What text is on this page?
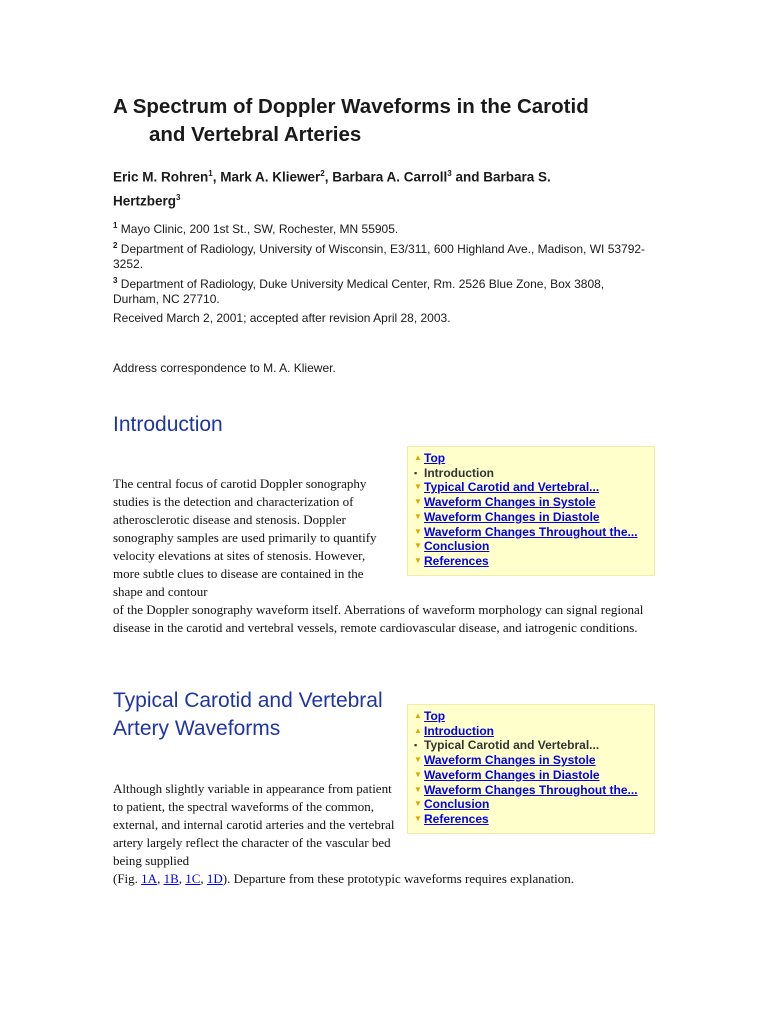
A Spectrum of Doppler Waveforms in the Carotid
and Vertebral Arteries
Eric M. Rohren$^1$, Mark A. Kliewer$^2$, Barbara A. Carroll$^3$ and Barbara S.
Hertzberg$^3$
$^1$ Mayo Clinic, 200 1st St., SW, Rochester, MN 55905.
$^2$ Department of Radiology, University of Wisconsin, E3/311, 600 Highland Ave., Madison, WI 53792-3252.
$^3$ Department of Radiology, Duke University Medical Center, Rm. 2526 Blue Zone, Box 3808, Durham, NC 27710.
Received March 2, 2001; accepted after revision April 28, 2003.
Address correspondence to M. A. Kliewer.
Introduction
▲ Top
▪ Introduction
▼ Typical Carotid and Vertebral...
▼ Waveform Changes in Systole
▼ Waveform Changes in Diastole
▼ Waveform Changes Throughout the...
▼ Conclusion
▼ References
The central focus of carotid Doppler sonography studies is the detection and characterization of atherosclerotic disease and stenosis. Doppler sonography samples are used primarily to quantify velocity elevations at sites of stenosis. However, more subtle clues to disease are contained in the shape and contour
of the Doppler sonography waveform itself. Aberrations of waveform morphology can signal regional disease in the carotid and vertebral vessels, remote cardiovascular disease, and iatrogenic conditions.
Typical Carotid and Vertebral
Artery Waveforms
▲ Top
▲ Introduction
▪ Typical Carotid and Vertebral...
▼ Waveform Changes in Systole
▼ Waveform Changes in Diastole
▼ Waveform Changes Throughout the...
▼ Conclusion
▼ References
Although slightly variable in appearance from patient to patient, the spectral waveforms of the common, external, and internal carotid arteries and the vertebral artery largely reflect the character of the vascular bed being supplied
(Fig. 1A, 1B, 1C, 1D). Departure from these prototypic waveforms requires explanation.
